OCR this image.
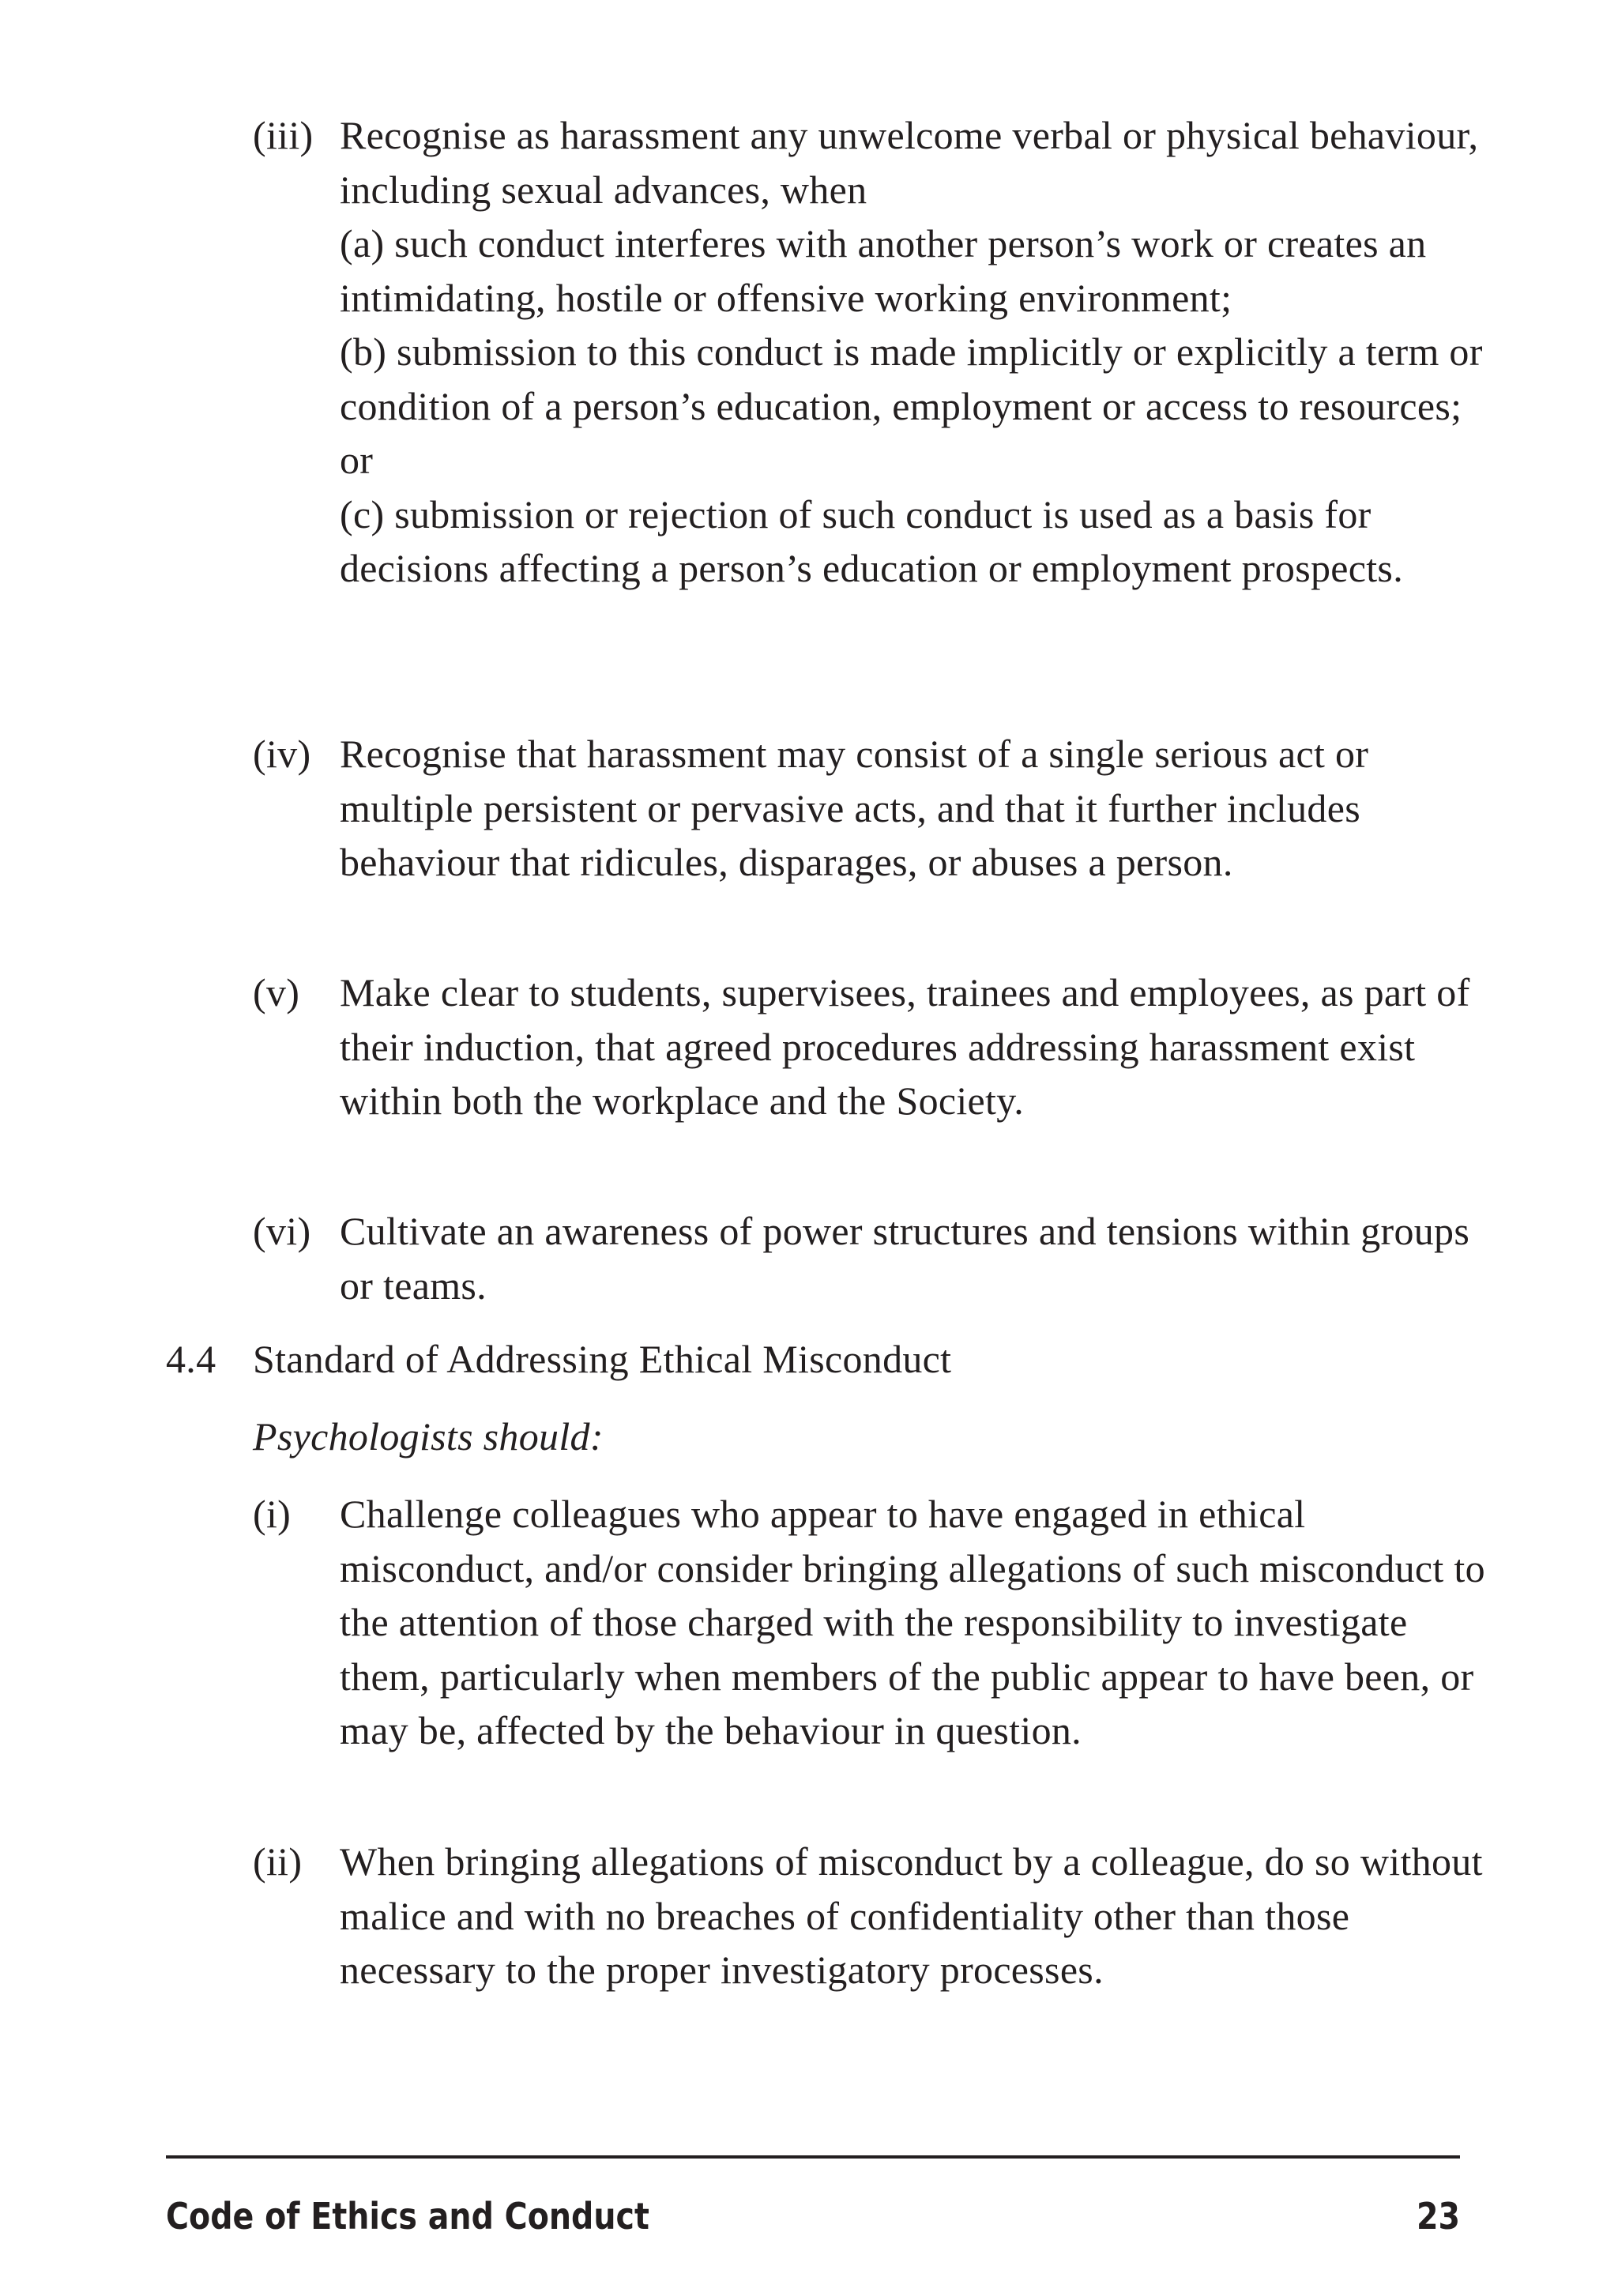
(iii) Recognise as harassment any unwelcome verbal or physical behaviour, including sexual advances, when

(a) such conduct interferes with another person’s work or creates an intimidating, hostile or offensive working environment;

(b) submission to this conduct is made implicitly or explicitly a term or condition of a person’s education, employment or access to resources; or

(c) submission or rejection of such conduct is used as a basis for decisions affecting a person’s education or employment prospects.

(iv) Recognise that harassment may consist of a single serious act or multiple persistent or pervasive acts, and that it further includes behaviour that ridicules, disparages, or abuses a person.

(v)	Make clear to students, supervisees, trainees and employees, as part of their induction, that agreed procedures addressing harassment exist within both the workplace and the Society.

(vi) Cultivate an awareness of power structures and tensions within groups or teams.

4.4 Standard of Addressing Ethical Misconduct
Psychologists should:
(i)	Challenge colleagues who appear to have engaged in ethical misconduct, and/or consider bringing allegations of such misconduct to the attention of those charged with the responsibility to investigate them, particularly when members of the public appear to have been, or may be, affected by the behaviour in question.

(ii) When bringing allegations of misconduct by a colleague, do so without malice and with no breaches of confidentiality other than those necessary to the proper investigatory processes.

Code of Ethics and Conduct	23
